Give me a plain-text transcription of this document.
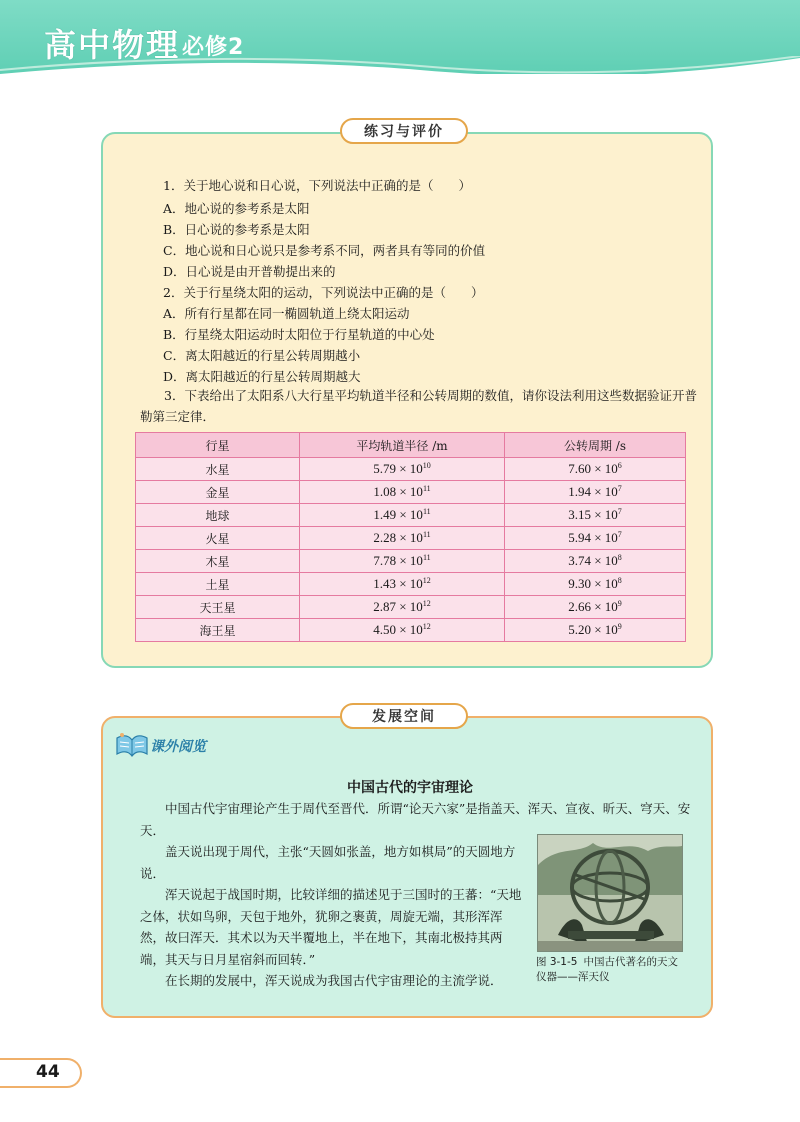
高中物理 必修2
练习与评价
1．关于地心说和日心说，下列说法中正确的是（　　）
A．地心说的参考系是太阳
B．日心说的参考系是太阳
C．地心说和日心说只是参考系不同，两者具有等同的价值
D．日心说是由开普勒提出来的
2．关于行星绕太阳的运动，下列说法中正确的是（　　）
A．所有行星都在同一椭圆轨道上绕太阳运动
B．行星绕太阳运动时太阳位于行星轨道的中心处
C．离太阳越近的行星公转周期越小
D．离太阳越近的行星公转周期越大
3．下表给出了太阳系八大行星平均轨道半径和公转周期的数值，请你设法利用这些数据验证开普勒第三定律．
行星	平均轨道半径 /m	公转周期 /s
水星	$5.79 \times 10^{10}$	$7.60 \times 10^6$
金星	$1.08 \times 10^{11}$	$1.94 \times 10^7$
地球	$1.49 \times 10^{11}$	$3.15 \times 10^7$
火星	$2.28 \times 10^{11}$	$5.94 \times 10^7$
木星	$7.78 \times 10^{11}$	$3.74 \times 10^8$
土星	$1.43 \times 10^{12}$	$9.30 \times 10^8$
天王星	$2.87 \times 10^{12}$	$2.66 \times 10^9$
海王星	$4.50 \times 10^{12}$	$5.20 \times 10^9$
发展空间
课外阅览
中国古代的宇宙理论
中国古代宇宙理论产生于周代至晋代．所谓“论天六家”是指盖天、浑天、宣夜、昕天、穹天、安天．
盖天说出现于周代，主张“天圆如张盖，地方如棋局”的天圆地方说．
浑天说起于战国时期，比较详细的描述见于三国时的王蕃：“天地之体，状如鸟卵，天包于地外，犹卵之裹黄，周旋无端，其形浑浑然，故曰浑天．其术以为天半覆地上，半在地下，其南北极持其两端，其天与日月星宿斜而回转．”
在长期的发展中，浑天说成为我国古代宇宙理论的主流学说．
图 3-1-5 中国古代著名的天文仪器——浑天仪
44
